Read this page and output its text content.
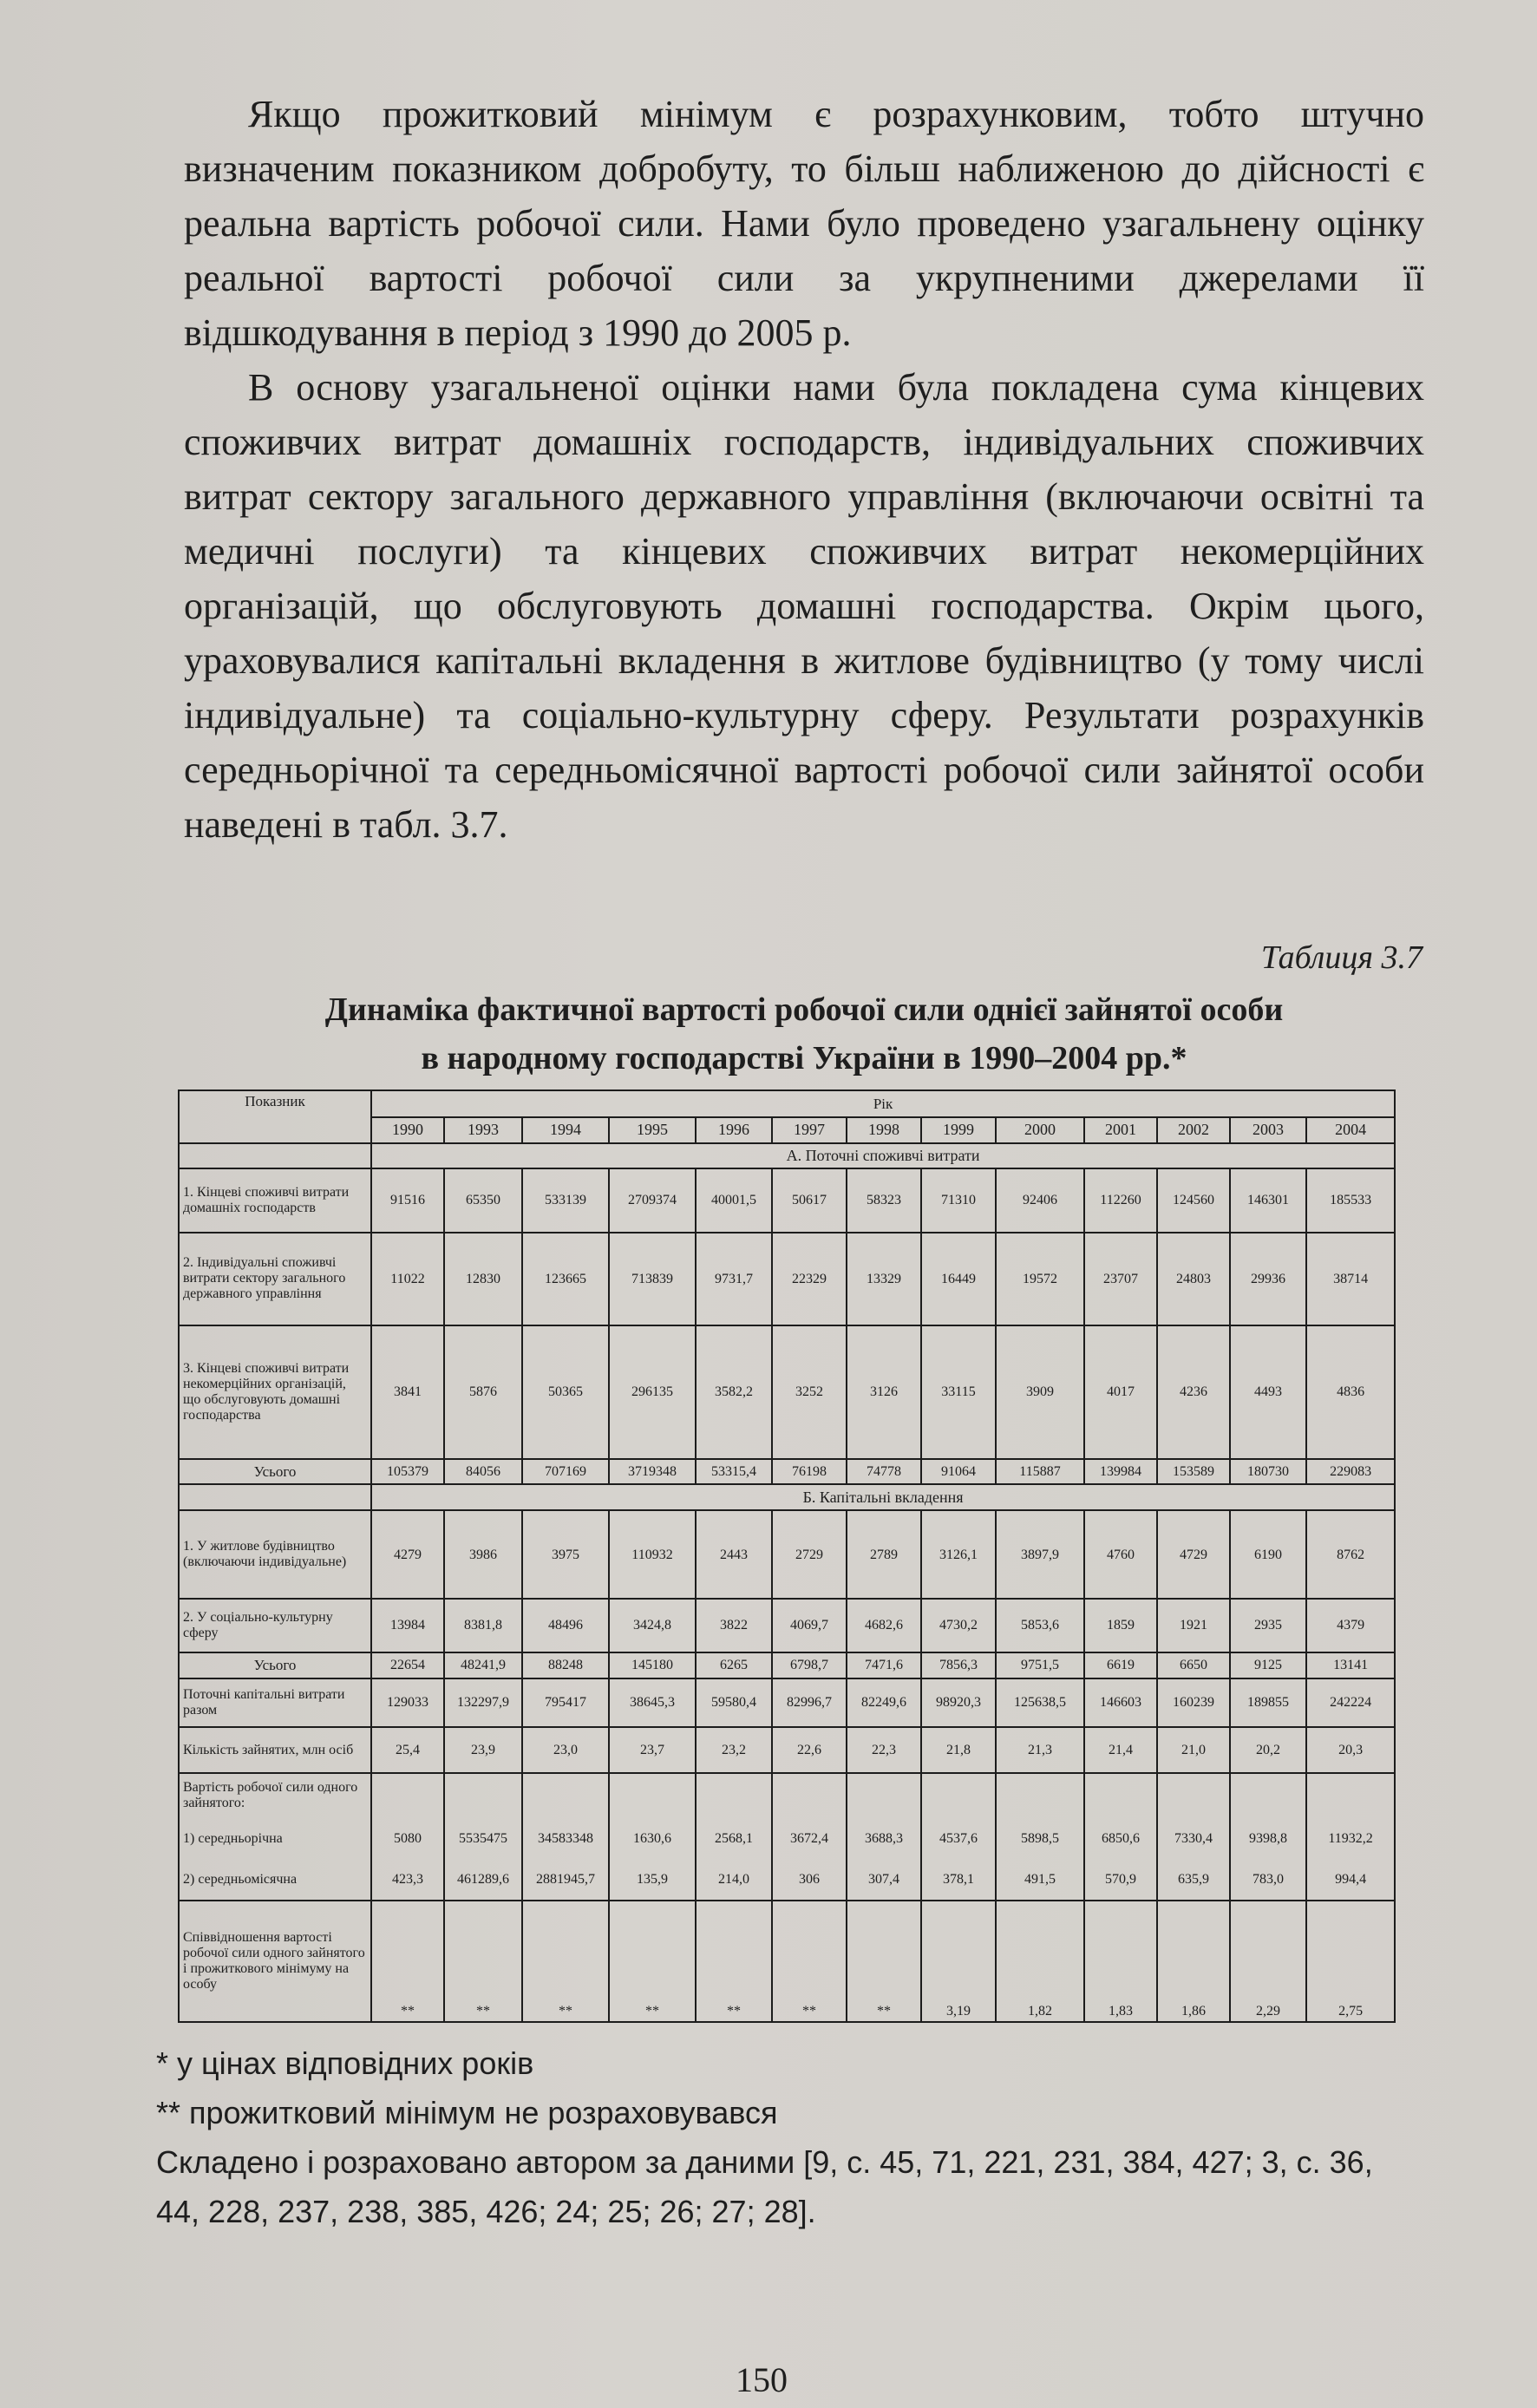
Якщо прожитковий мінімум є розрахунковим, тобто штучно визначеним показником добробуту, то більш наближеною до дійсності є реальна вартість робочої сили. Нами було проведено узагальнену оцінку реальної вартості робочої сили за укрупненими джерелами її відшкодування в період з 1990 до 2005 р.

В основу узагальненої оцінки нами була покладена сума кінцевих споживчих витрат домашніх господарств, індивідуальних споживчих витрат сектору загального державного управління (включаючи освітні та медичні послуги) та кінцевих споживчих витрат некомерційних організацій, що обслуговують домашні господарства. Окрім цього, ураховувалися капітальні вкладення в житлове будівництво (у тому числі індивідуальне) та соціально-культурну сферу. Результати розрахунків середньорічної та середньомісячної вартості робочої сили зайнятої особи наведені в табл. 3.7.

Таблиця 3.7
Динаміка фактичної вартості робочої сили однієї зайнятої особи
в народному господарстві України в 1990–2004 рр.*
Показник	Рік												
	1990	1993	1994	1995	1996	1997	1998	1999	2000	2001	2002	2003	2004
	А. Поточні споживчі витрати												
1. Кінцеві споживчі витрати домашніх господарств	91516	65350	533139	2709374	40001,5	50617	58323	71310	92406	112260	124560	146301	185533
2. Індивідуальні споживчі витрати сектору загального державного управління	11022	12830	123665	713839	9731,7	22329	13329	16449	19572	23707	24803	29936	38714
3. Кінцеві споживчі витрати некомерційних організацій, що обслуговують домашні господарства	3841	5876	50365	296135	3582,2	3252	3126	33115	3909	4017	4236	4493	4836
Усього	105379	84056	707169	3719348	53315,4	76198	74778	91064	115887	139984	153589	180730	229083
	Б. Капітальні вкладення												
1. У житлове будівництво (включаючи індивідуальне)	4279	3986	3975	110932	2443	2729	2789	3126,1	3897,9	4760	4729	6190	8762
2. У соціально-культурну сферу	13984	8381,8	48496	3424,8	3822	4069,7	4682,6	4730,2	5853,6	1859	1921	2935	4379
Усього	22654	48241,9	88248	145180	6265	6798,7	7471,6	7856,3	9751,5	6619	6650	9125	13141
Поточні капітальні витрати разом	129033	132297,9	795417	38645,3	59580,4	82996,7	82249,6	98920,3	125638,5	146603	160239	189855	242224
Кількість зайнятих, млн осіб	25,4	23,9	23,0	23,7	23,2	22,6	22,3	21,8	21,3	21,4	21,0	20,2	20,3
Вартість робочої сили одного зайнятого:													
1) середньорічна	5080	5535475	34583348	1630,6	2568,1	3672,4	3688,3	4537,6	5898,5	6850,6	7330,4	9398,8	11932,2
2) середньомісячна	423,3	461289,6	2881945,7	135,9	214,0	306	307,4	378,1	491,5	570,9	635,9	783,0	994,4
Співвідношення вартості робочої сили одного зайнятого і прожиткового мінімуму на особу	**	**	**	**	**	**	**	3,19	1,82	1,83	1,86	2,29	2,75
* у цінах відповідних років
** прожитковий мінімум не розраховувався
Складено і розраховано автором за даними [9, с. 45, 71, 221, 231, 384, 427; 3, с. 36, 44, 228, 237, 238, 385, 426; 24; 25; 26; 27; 28].
150
